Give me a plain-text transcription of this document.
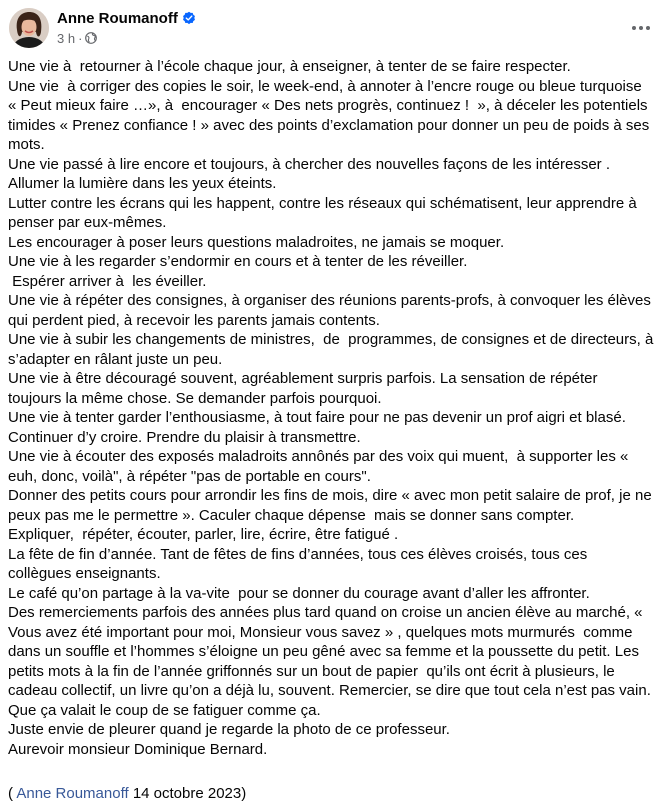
Anne Roumanoff
3 h ·

Une vie à  retourner à l’école chaque jour, à enseigner, à tenter de se faire respecter.

Une vie  à corriger des copies le soir, le week-end, à annoter à l’encre rouge ou bleue turquoise « Peut mieux faire …», à  encourager « Des nets progrès, continuez !  », à déceler les potentiels timides « Prenez confiance ! » avec des points d’exclamation pour donner un peu de poids à ses mots.

Une vie passé à lire encore et toujours, à chercher des nouvelles façons de les intéresser . Allumer la lumière dans les yeux éteints.

Lutter contre les écrans qui les happent, contre les réseaux qui schématisent, leur apprendre à penser par eux-mêmes.

Les encourager à poser leurs questions maladroites, ne jamais se moquer.

Une vie à les regarder s’endormir en cours et à tenter de les réveiller.

Espérer arriver à  les éveiller.

Une vie à répéter des consignes, à organiser des réunions parents-profs, à convoquer les élèves qui perdent pied, à recevoir les parents jamais contents.

Une vie à subir les changements de ministres,  de  programmes, de consignes et de directeurs, à s’adapter en râlant juste un peu.

Une vie à être découragé souvent, agréablement surpris parfois. La sensation de répéter toujours la même chose. Se demander parfois pourquoi.

Une vie à tenter garder l’enthousiasme, à tout faire pour ne pas devenir un prof aigri et blasé. Continuer d’y croire. Prendre du plaisir à transmettre.

Une vie à écouter des exposés maladroits annônés par des voix qui muent,  à supporter les « euh, donc, voilà", à répéter "pas de portable en cours".

Donner des petits cours pour arrondir les fins de mois, dire « avec mon petit salaire de prof, je ne peux pas me le permettre ». Caculer chaque dépense  mais se donner sans compter.

Expliquer,  répéter, écouter, parler, lire, écrire, être fatigué .

La fête de fin d’année. Tant de fêtes de fins d’années, tous ces élèves croisés, tous ces collègues enseignants.

Le café qu’on partage à la va-vite  pour se donner du courage avant d’aller les affronter.

Des remerciements parfois des années plus tard quand on croise un ancien élève au marché, « Vous avez été important pour moi, Monsieur vous savez » , quelques mots murmurés  comme dans un souffle et l’hommes s’éloigne un peu gêné avec sa femme et la poussette du petit. Les petits mots à la fin de l’année griffonnés sur un bout de papier  qu’ils ont écrit à plusieurs, le cadeau collectif, un livre qu’on a déjà lu, souvent. Remercier, se dire que tout cela n’est pas vain. Que ça valait le coup de se fatiguer comme ça.

Juste envie de pleurer quand je regarde la photo de ce professeur.

Aurevoir monsieur Dominique Bernard.

( Anne Roumanoff 14 octobre 2023)
